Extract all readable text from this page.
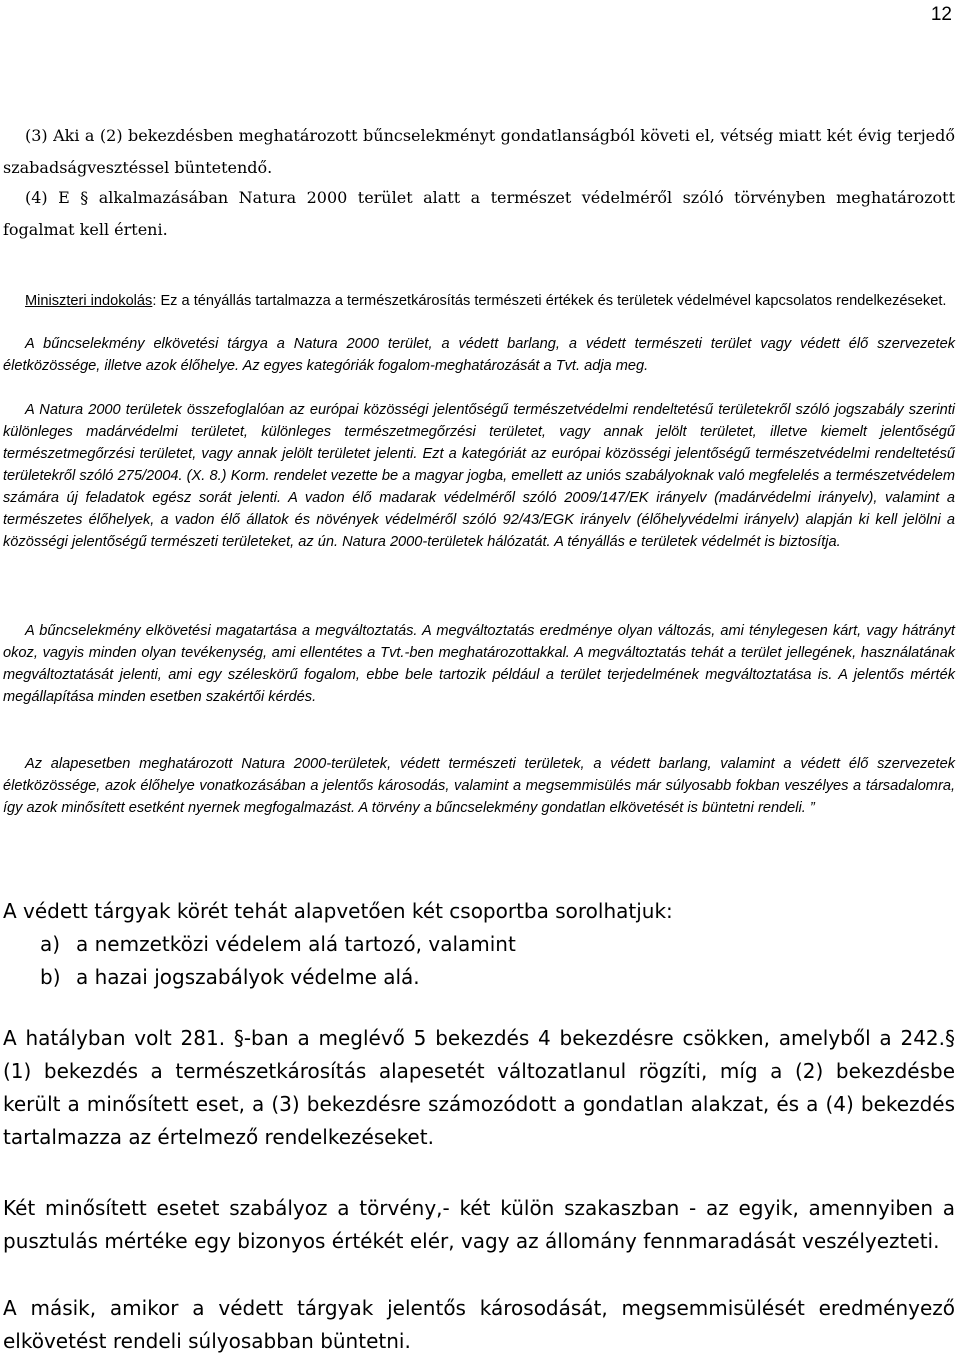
12

(3) Aki a (2) bekezdésben meghatározott bűncselekményt gondatlanságból követi el, vétség miatt két évig terjedő szabadságvesztéssel büntetendő.

(4) E § alkalmazásában Natura 2000 terület alatt a természet védelméről szóló törvényben meghatározott fogalmat kell érteni.

Miniszteri indokolás: Ez a tényállás tartalmazza a természetkárosítás természeti értékek és területek védelmével kapcsolatos rendelkezéseket.

A bűncselekmény elkövetési tárgya a Natura 2000 terület, a védett barlang, a védett természeti terület vagy védett élő szervezetek életközössége, illetve azok élőhelye. Az egyes kategóriák fogalom-meghatározását a Tvt. adja meg.

A Natura 2000 területek összefoglalóan az európai közösségi jelentőségű természetvédelmi rendeltetésű területekről szóló jogszabály szerinti különleges madárvédelmi területet, különleges természetmegőrzési területet, vagy annak jelölt területet, illetve kiemelt jelentőségű természetmegőrzési területet, vagy annak jelölt területet jelenti. Ezt a kategóriát az európai közösségi jelentőségű természetvédelmi rendeltetésű területekről szóló 275/2004. (X. 8.) Korm. rendelet vezette be a magyar jogba, emellett az uniós szabályoknak való megfelelés a természetvédelem számára új feladatok egész sorát jelenti. A vadon élő madarak védelméről szóló 2009/147/EK irányelv (madárvédelmi irányelv), valamint a természetes élőhelyek, a vadon élő állatok és növények védelméről szóló 92/43/EGK irányelv (élőhelyvédelmi irányelv) alapján ki kell jelölni a közösségi jelentőségű természeti területeket, az ún. Natura 2000-területek hálózatát. A tényállás e területek védelmét is biztosítja.

A bűncselekmény elkövetési magatartása a megváltoztatás. A megváltoztatás eredménye olyan változás, ami ténylegesen kárt, vagy hátrányt okoz, vagyis minden olyan tevékenység, ami ellentétes a Tvt.-ben meghatározottakkal. A megváltoztatás tehát a terület jellegének, használatának megváltoztatását jelenti, ami egy széleskörű fogalom, ebbe bele tartozik például a terület terjedelmének megváltoztatása is. A jelentős mérték megállapítása minden esetben szakértői kérdés.

Az alapesetben meghatározott Natura 2000-területek, védett természeti területek, a védett barlang, valamint a védett élő szervezetek életközössége, azok élőhelye vonatkozásában a jelentős károsodás, valamint a megsemmisülés már súlyosabb fokban veszélyes a társadalomra, így azok minősített esetként nyernek megfogalmazást. A törvény a bűncselekmény gondatlan elkövetését is büntetni rendeli. ”

A védett tárgyak körét tehát alapvetően két csoportba sorolhatjuk:

a) a nemzetközi védelem alá tartozó, valamint
b) a hazai jogszabályok védelme alá.

A hatályban volt 281. §-ban a meglévő 5 bekezdés 4 bekezdésre csökken, amelyből a 242.§ (1) bekezdés a természetkárosítás alapesetét változatlanul rögzíti, míg a (2) bekezdésbe került a minősített eset, a (3) bekezdésre számozódott a gondatlan alakzat, és a (4) bekezdés tartalmazza az értelmező rendelkezéseket.

Két minősített esetet szabályoz a törvény,- két külön szakaszban - az egyik, amennyiben a pusztulás mértéke egy bizonyos értékét elér, vagy az állomány fennmaradását veszélyezteti.

A másik, amikor a védett tárgyak jelentős károsodását, megsemmisülését eredményező elkövetést rendeli súlyosabban büntetni.
